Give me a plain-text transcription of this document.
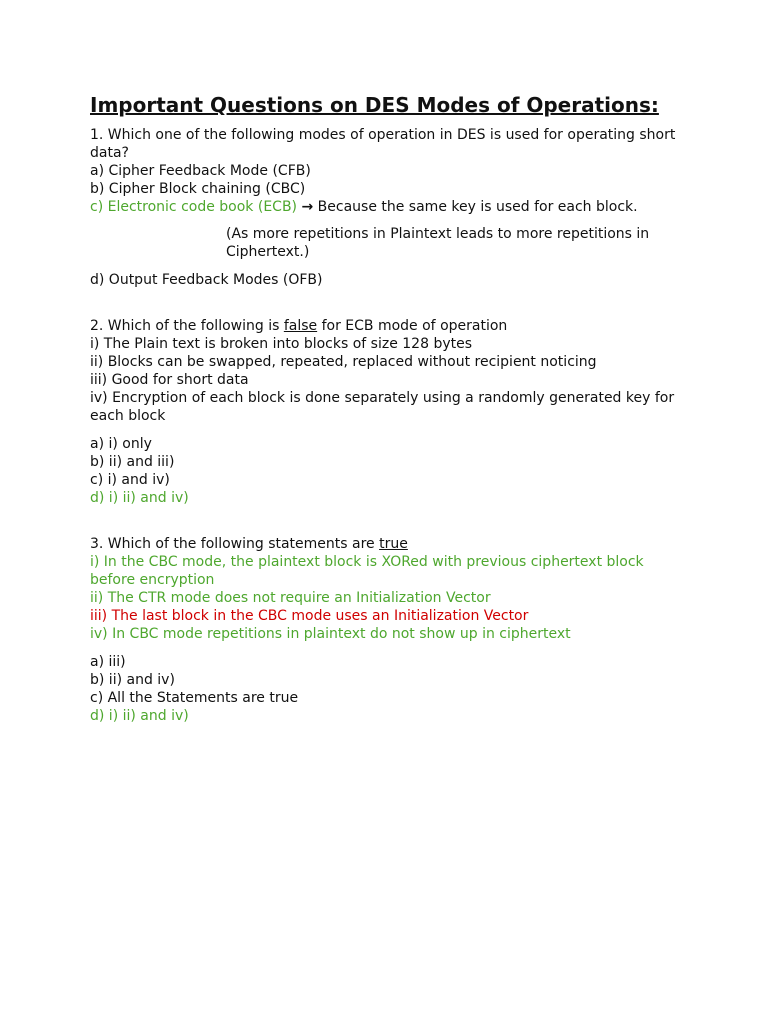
Important Questions on DES Modes of Operations:
1. Which one of the following modes of operation in DES is used for operating short data?
a) Cipher Feedback Mode (CFB)
b) Cipher Block chaining (CBC)
c) Electronic code book (ECB) → Because the same key is used for each block.
(As more repetitions in Plaintext leads to more repetitions in Ciphertext.)
d) Output Feedback Modes (OFB)
2. Which of the following is false for ECB mode of operation
i) The Plain text is broken into blocks of size 128 bytes
ii) Blocks can be swapped, repeated, replaced without recipient noticing
iii) Good for short data
iv) Encryption of each block is done separately using a randomly generated key for each block
a) i) only
b) ii) and iii)
c) i) and iv)
d) i) ii) and iv)
3. Which of the following statements are true
i) In the CBC mode, the plaintext block is XORed with previous ciphertext block before encryption
ii) The CTR mode does not require an Initialization Vector
iii) The last block in the CBC mode uses an Initialization Vector
iv) In CBC mode repetitions in plaintext do not show up in ciphertext
a) iii)
b) ii) and iv)
c) All the Statements are true
d) i) ii) and iv)
